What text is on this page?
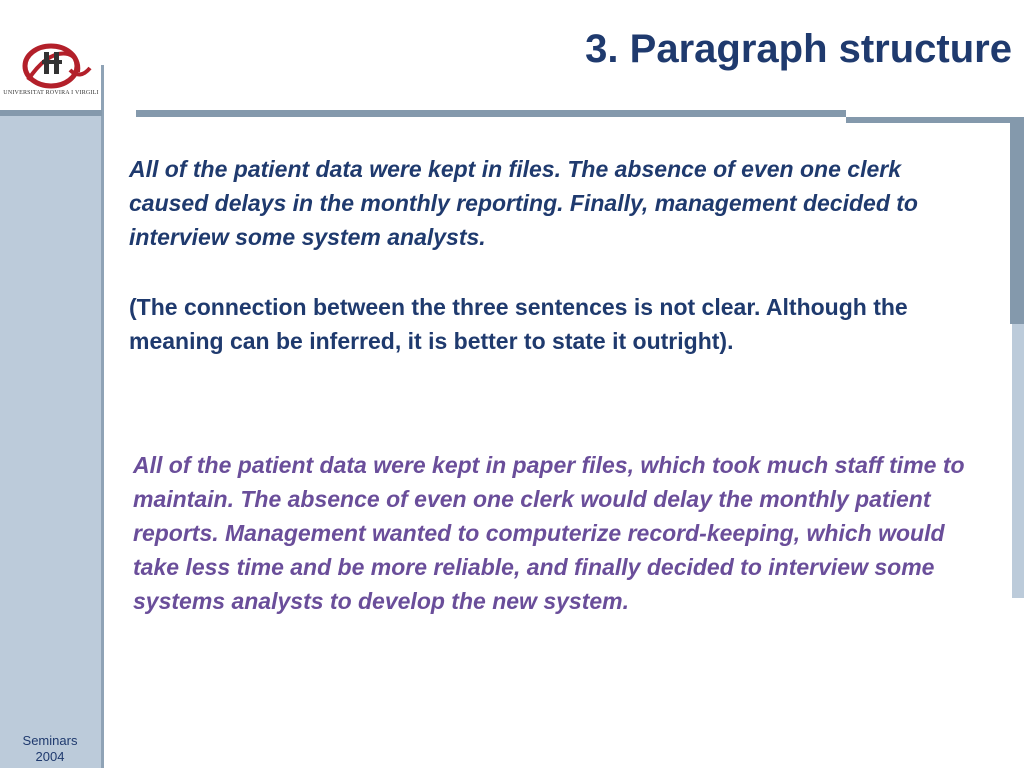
UNIVERSITAT ROVIRA I VIRGILI
3. Paragraph structure

All of the patient data were kept in files. The absence of even one clerk caused delays in the monthly reporting. Finally, management decided to interview some system analysts.

(The connection between the three sentences is not clear. Although the meaning can be inferred, it is better to state it outright).

All of the patient data were kept in paper files, which took much staff time to maintain. The absence of even one clerk would delay the monthly patient reports. Management wanted to computerize record-keeping, which would take less time and be more reliable, and finally decided to interview some systems analysts to develop the new system.

Seminars
2004
